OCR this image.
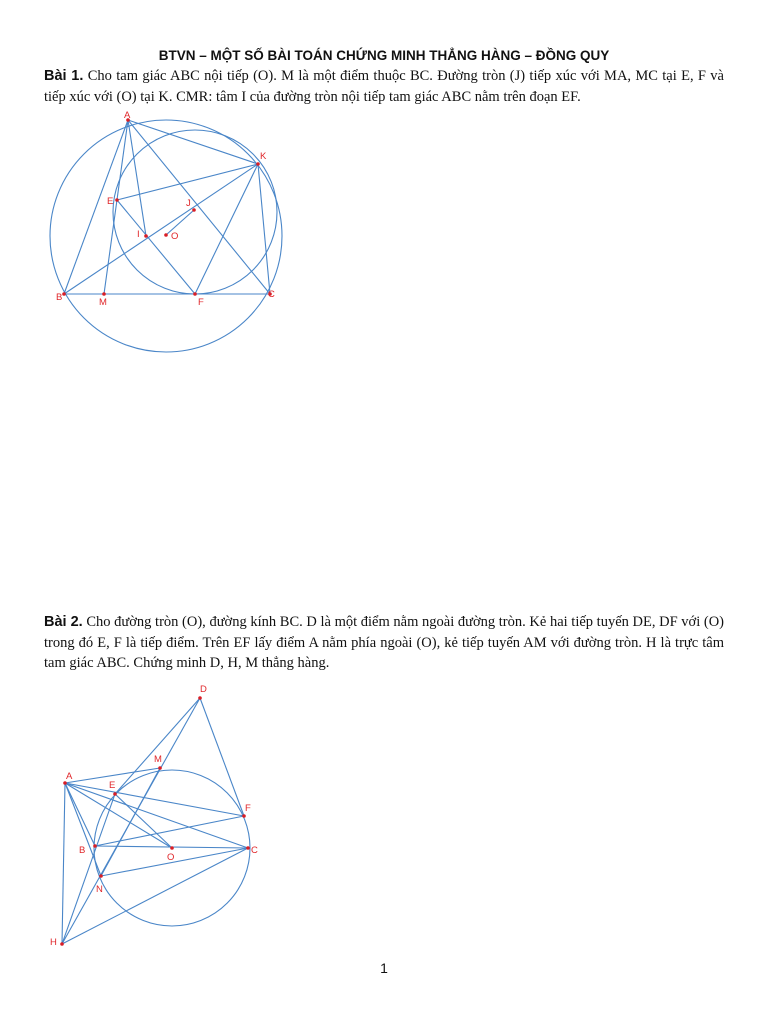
BTVN – MỘT SỐ BÀI TOÁN CHỨNG MINH THẲNG HÀNG – ĐỒNG QUY
Bài 1. Cho tam giác ABC nội tiếp (O). M là một điểm thuộc BC. Đường tròn (J) tiếp xúc với MA, MC tại E, F và tiếp xúc với (O) tại K. CMR: tâm I của đường tròn nội tiếp tam giác ABC nằm trên đoạn EF.
A
K
E	J
I	O
B	M	F
C
Bài 2. Cho đường tròn (O), đường kính BC. D là một điểm nằm ngoài đường tròn. Kẻ hai tiếp tuyến DE, DF với (O) trong đó E, F là tiếp điểm. Trên EF lấy điểm A nằm phía ngoài (O), kẻ tiếp tuyến AM với đường tròn. H là trực tâm tam giác ABC. Chứng minh D, H, M thẳng hàng.
D
M
A
E
F
B
O
C
N
H
1
